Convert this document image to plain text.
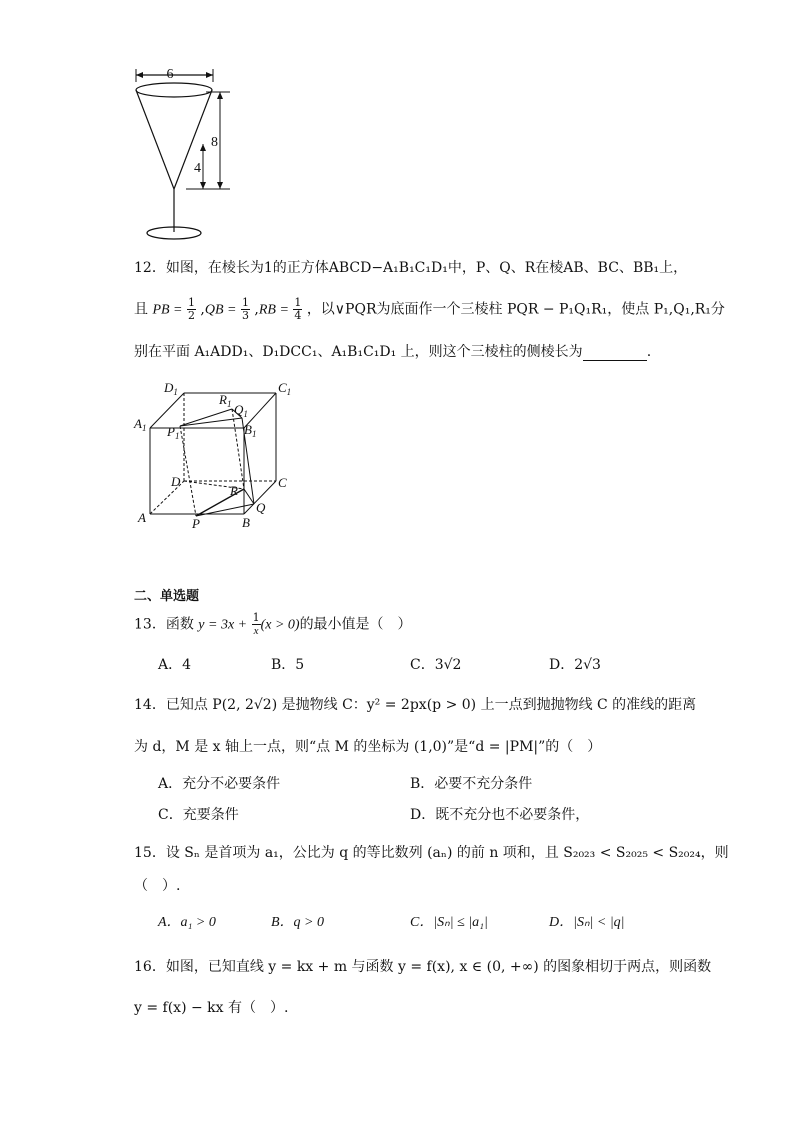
6
8
4
12．如图，在棱长为1的正方体ABCD−A₁B₁C₁D₁中，P、Q、R在棱AB、BC、BB₁上，
且 PB = $\frac{1}{2} ,QB = \frac{1}{3} ,RB = \frac{1}{4}$ ，以∨PQR为底面作一个三棱柱 PQR − P₁Q₁R₁，使点 P₁,Q₁,R₁分
别在平面 A₁ADD₁、D₁DCC₁、A₁B₁C₁D₁ 上，则这个三棱柱的侧棱长为	.
$D_1$	$C_1$
$A_1$	$B_1$
$R_1$ $Q_1$
$P_1$
D	C
R
A
Q
P	B
二、单选题
13．函数 $y = 3x + \frac{1}{x} (x > 0)$的最小值是（　）
A．4	B．5	C．3√2	D．2√3
14．已知点 P(2, 2√2) 是抛物线 C：y² = 2px(p > 0) 上一点到抛抛物线 C 的准线的距离
为 d，M 是 x 轴上一点，则“点 M 的坐标为 (1,0)”是“d = |PM|”的（　）
A．充分不必要条件	B．必要不充分条件
C．充要条件	D．既不充分也不必要条件，
15．设 Sₙ 是首项为 a₁，公比为 q 的等比数列 (aₙ) 的前 n 项和，且 S₂₀₂₃ < S₂₀₂₅ < S₂₀₂₄，则
（　）.
A．a₁ > 0	B．q > 0	C．|Sₙ| ≤ |a₁|	D．|Sₙ| < |q|
16．如图，已知直线 y = kx + m 与函数 y = f(x), x ∈ (0, +∞) 的图象相切于两点，则函数
y = f(x) − kx 有（　）.
